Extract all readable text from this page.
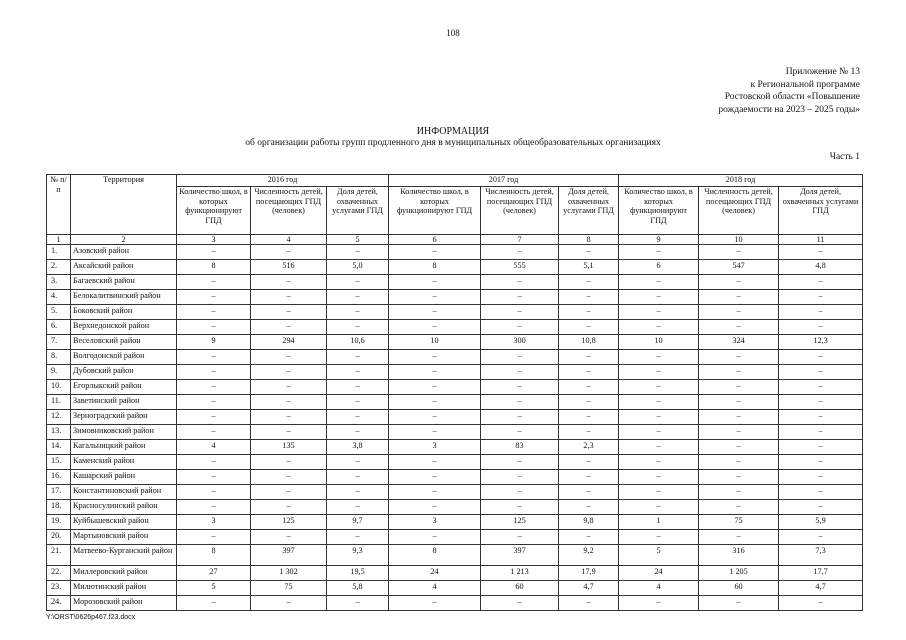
108
Приложение № 13
к Региональной программе
Ростовской области «Повышение
рождаемости на 2023 – 2025 годы»
ИНФОРМАЦИЯ
об организации работы групп продленного дня в муниципальных общеобразовательных организациях
Часть 1
№ п/п	Территория	2016 год			2017 год			2018 год		
		Количество школ, в которых функционируют ГПД	Численность детей, посещающих ГПД (человек)	Доля детей, охваченных услугами ГПД	Количество школ, в которых функционируют ГПД	Численность детей, посещающих ГПД (человек)	Доля детей, охваченных услугами ГПД	Количество школ, в которых функционируют ГПД	Численность детей, посещающих ГПД (человек)	Доля детей, охваченных услугами ГПД
1	2	3	4	5	6	7	8	9	10	11
1.	Азовский район	–	–	–	–	–	–	–	–	–
2.	Аксайский район	8	516	5,0	8	555	5,1	6	547	4,8
3.	Багаевский район	–	–	–	–	–	–	–	–	–
4.	Белокалитвинский район	–	–	–	–	–	–	–	–	–
5.	Боковский район	–	–	–	–	–	–	–	–	–
6.	Верхнедонской район	–	–	–	–	–	–	–	–	–
7.	Веселовский район	9	294	10,6	10	300	10,8	10	324	12,3
8.	Волгодонской район	–	–	–	–	–	–	–	–	–
9.	Дубовский район	–	–	–	–	–	–	–	–	–
10.	Егорлыкский район	–	–	–	–	–	–	–	–	–
11.	Заветинский район	–	–	–	–	–	–	–	–	–
12.	Зерноградский район	–	–	–	–	–	–	–	–	–
13.	Зимовниковский район	–	–	–	–	–	–	–	–	–
14.	Кагальницкий район	4	135	3,8	3	83	2,3	–	–	–
15.	Каменский район	–	–	–	–	–	–	–	–	–
16.	Кашарский район	–	–	–	–	–	–	–	–	–
17.	Константиновский район	–	–	–	–	–	–	–	–	–
18.	Красносулинский район	–	–	–	–	–	–	–	–	–
19.	Куйбышевский район	3	125	9,7	3	125	9,8	1	75	5,9
20.	Мартыновский район	–	–	–	–	–	–	–	–	–
21.	Матвеево-Курганский район	8	397	9,3	8	397	9,2	5	316	7,3
22.	Миллеровский район	27	1 302	19,5	24	1 213	17,9	24	1 205	17,7
23.	Милютинский район	5	75	5,8	4	60	4,7	4	60	4,7
24.	Морозовский район	–	–	–	–	–	–	–	–	–
Y:\ORST\0626p467.f23.docx
